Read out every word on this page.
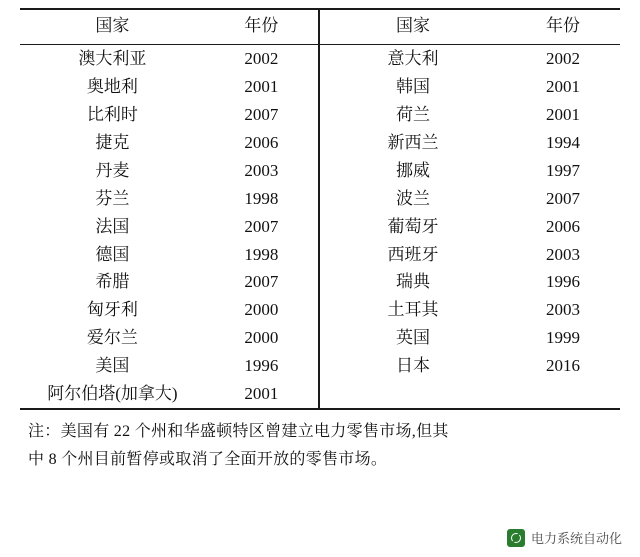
国家	年份
澳大利亚	2002
奥地利	2001
比利时	2007
捷克	2006
丹麦	2003
芬兰	1998
法国	2007
德国	1998
希腊	2007
匈牙利	2000
爱尔兰	2000
美国	1996
阿尔伯塔(加拿大)	2001
国家	年份
意大利	2002
韩国	2001
荷兰	2001
新西兰	1994
挪威	1997
波兰	2007
葡萄牙	2006
西班牙	2003
瑞典	1996
土耳其	2003
英国	1999
日本	2016

注：美国有 22 个州和华盛顿特区曾建立电力零售市场,但其
中 8 个州目前暂停或取消了全面开放的零售市场。
电力系统自动化
